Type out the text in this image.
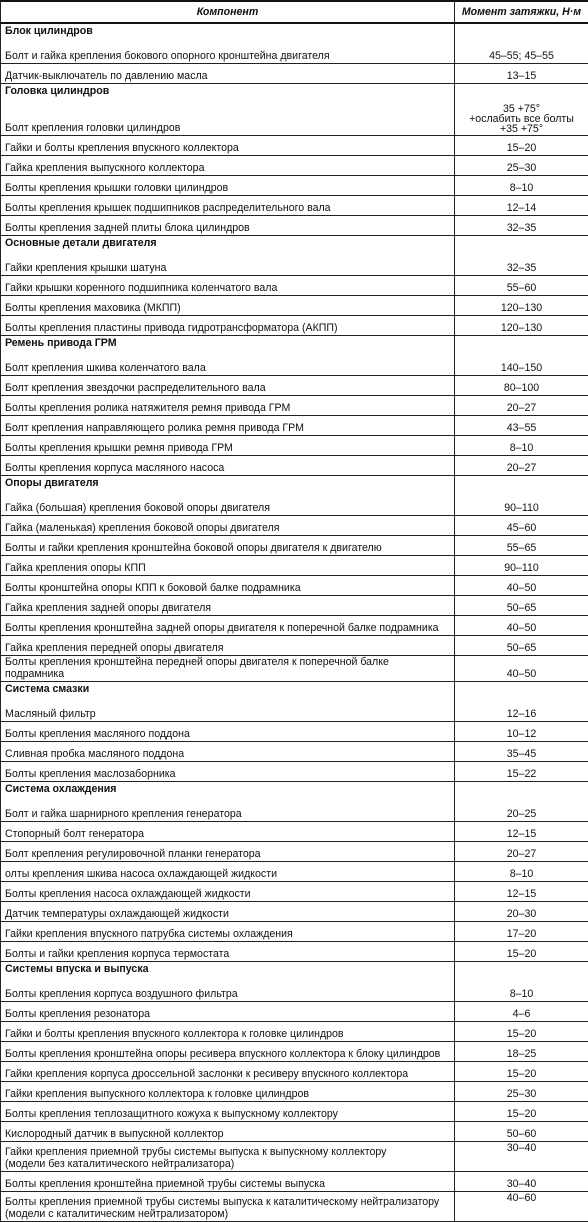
Компонент	Момент затяжки, Н·м
Блок цилиндров	
Болт и гайка крепления бокового опорного кронштейна двигателя	45–55; 45–55
Датчик-выключатель по давлению масла	13–15
Головка цилиндров	
Болт крепления головки цилиндров	35 +75°
+ослабить все болты
+35 +75°

Гайки и болты крепления впускного коллектора	15–20
Гайка крепления выпускного коллектора	25–30
Болты крепления крышки головки цилиндров	8–10
Болты крепления крышек подшипников распределительного вала	12–14
Болты крепления задней плиты блока цилиндров	32–35
Основные детали двигателя	
Гайки крепления крышки шатуна	32–35
Гайки крышки коренного подшипника коленчатого вала	55–60
Болты крепления маховика (МКПП)	120–130
Болты крепления пластины привода гидротрансформатора (АКПП)	120–130
Ремень привода ГРМ	
Болт крепления шкива коленчатого вала	140–150
Болт крепления звездочки распределительного вала	80–100
Болты крепления ролика натяжителя ремня привода ГРМ	20–27
Болт крепления направляющего ролика ремня привода ГРМ	43–55
Болты крепления крышки ремня привода ГРМ	8–10
Болты крепления корпуса масляного насоса	20–27
Опоры двигателя	
Гайка (большая) крепления боковой опоры двигателя	90–110
Гайка (маленькая) крепления боковой опоры двигателя	45–60
Болты и гайки крепления кронштейна боковой опоры двигателя к двигателю	55–65
Гайка крепления опоры КПП	90–110
Болты кронштейна опоры КПП к боковой балке подрамника	40–50
Гайка крепления задней опоры двигателя	50–65
Болты крепления кронштейна задней опоры двигателя к поперечной балке подрамника	40–50
Гайка крепления передней опоры двигателя	50–65
Болты крепления кронштейна передней опоры двигателя к поперечной балке подрамника	40–50
Система смазки	
Масляный фильтр	12–16
Болты крепления масляного поддона	10–12
Сливная пробка масляного поддона	35–45
Болты крепления маслозаборника	15–22
Система охлаждения	
Болт и гайка шарнирного крепления генератора	20–25
Стопорный болт генератора	12–15
Болт крепления регулировочной планки генератора	20–27
олты крепления шкива насоса охлаждающей жидкости	8–10
Болты крепления насоса охлаждающей жидкости	12–15
Датчик температуры охлаждающей жидкости	20–30
Гайки крепления впускного патрубка системы охлаждения	17–20
Болты и гайки крепления корпуса термостата	15–20
Системы впуска и выпуска	
Болты крепления корпуса воздушного фильтра	8–10
Болты крепления резонатора	4–6
Гайки и болты крепления впускного коллектора к головке цилиндров	15–20
Болты крепления кронштейна опоры ресивера впускного коллектора к блоку цилиндров	18–25
Гайки крепления корпуса дроссельной заслонки к ресиверу впускного коллектора	15–20
Гайки крепления выпускного коллектора к головке цилиндров	25–30
Болты крепления теплозащитного кожуха к выпускному коллектору	15–20
Кислородный датчик в выпускной коллектор	50–60

Гайки крепления приемной трубы системы выпуска к выпускному коллектору
(модели без каталитического нейтрализатора)	30–40
Болты крепления кронштейна приемной трубы системы выпуска	30–40

Болты крепления приемной трубы системы выпуска к каталитическому нейтрализатору
(модели с каталитическим нейтрализатором)	40–60
